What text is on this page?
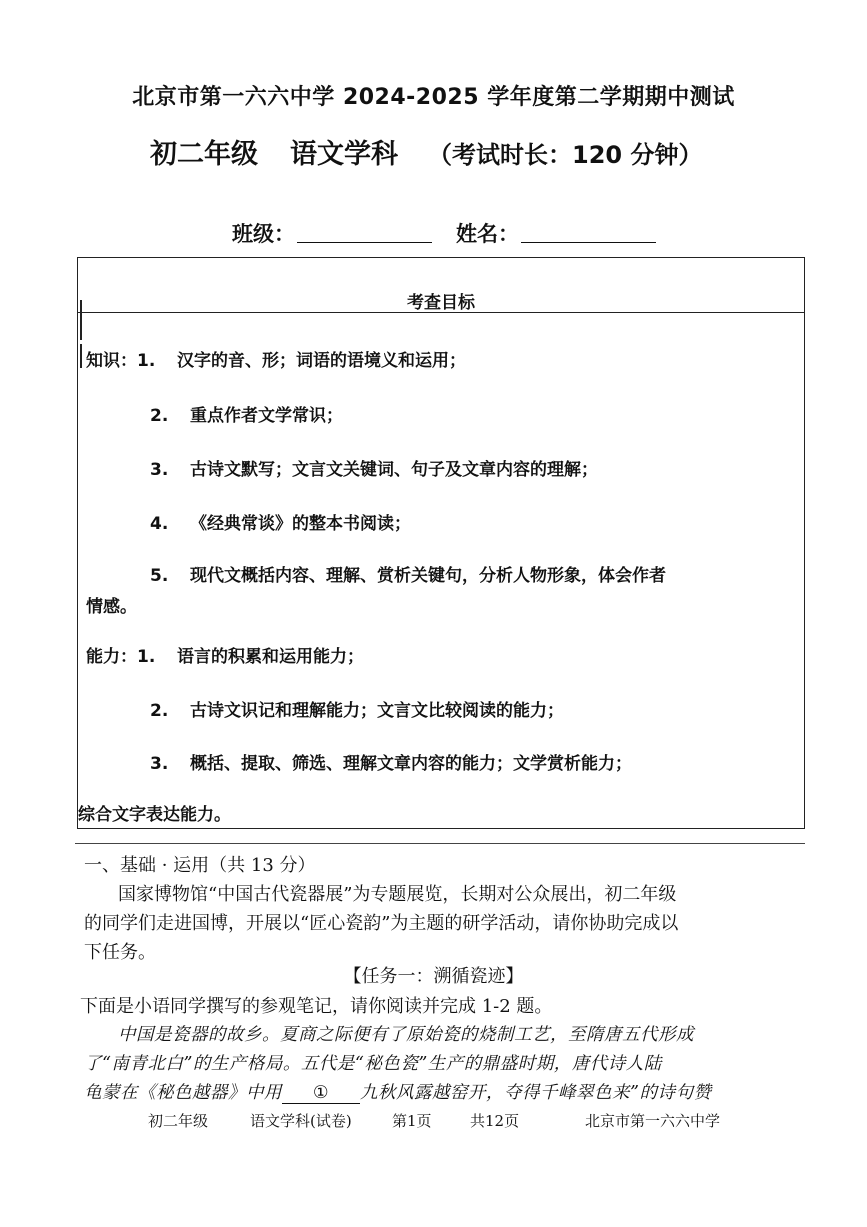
北京市第一六六中学 2024-2025 学年度第二学期期中测试
初二年级 语文学科 （考试时长：120 分钟）
班级：	姓名：
考查目标
知识：1. 汉字的音、形；词语的语境义和运用；
2. 重点作者文学常识；
3. 古诗文默写；文言文关键词、句子及文章内容的理解；
4. 《经典常谈》的整本书阅读；
5. 现代文概括内容、理解、赏析关键句，分析人物形象，体会作者
情感。
能力：1. 语言的积累和运用能力；
2. 古诗文识记和理解能力；文言文比较阅读的能力；
3. 概括、提取、筛选、理解文章内容的能力；文学赏析能力；
综合文字表达能力。
一、基础 · 运用（共 13 分）
国家博物馆“中国古代瓷器展”为专题展览，长期对公众展出，初二年级
的同学们走进国博，开展以“匠心瓷韵”为主题的研学活动，请你协助完成以
下任务。
【任务一：溯循瓷迹】
下面是小语同学撰写的参观笔记，请你阅读并完成 1-2 题。
中国是瓷器的故乡。夏商之际便有了原始瓷的烧制工艺，至隋唐五代形成
了“南青北白”的生产格局。五代是“秘色瓷”生产的鼎盛时期，唐代诗人陆
龟蒙在《秘色越器》中用 ① 九秋风露越窑开，夺得千峰翠色来”的诗句赞
初二年级	语文学科(试卷)	第1页	共12页	北京市第一六六中学
